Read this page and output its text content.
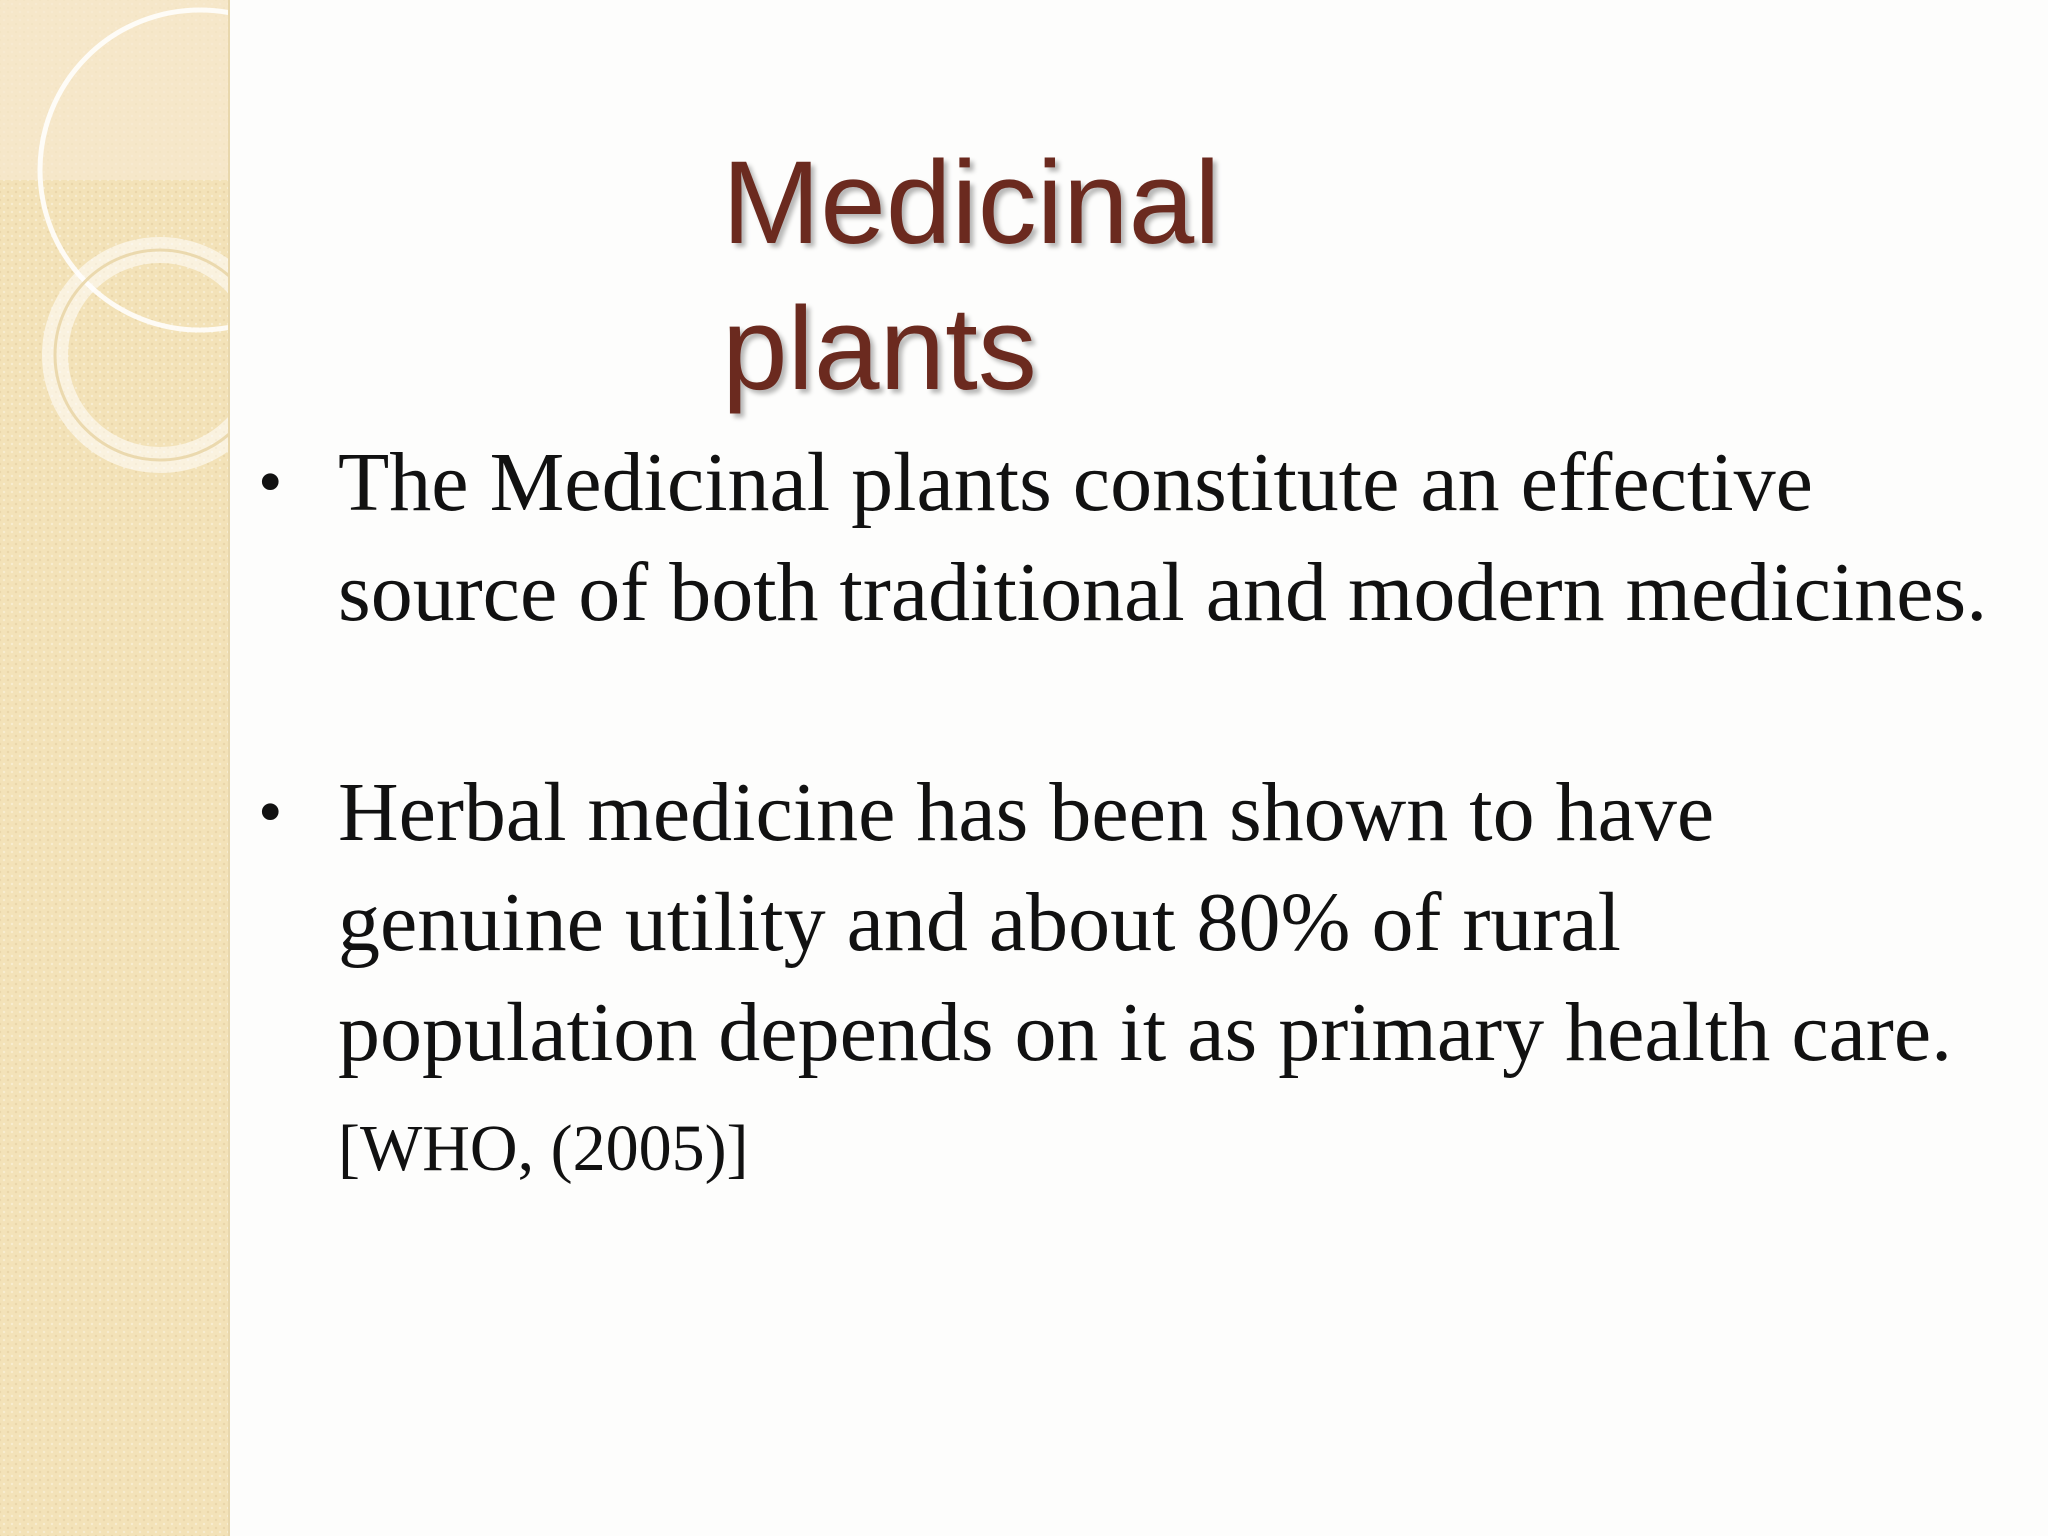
Medicinal
plants
• The Medicinal plants constitute an effective source of both traditional and modern medicines.
• Herbal medicine has been shown to have genuine utility and about 80% of rural population depends on it as primary health care. [WHO, (2005)]
